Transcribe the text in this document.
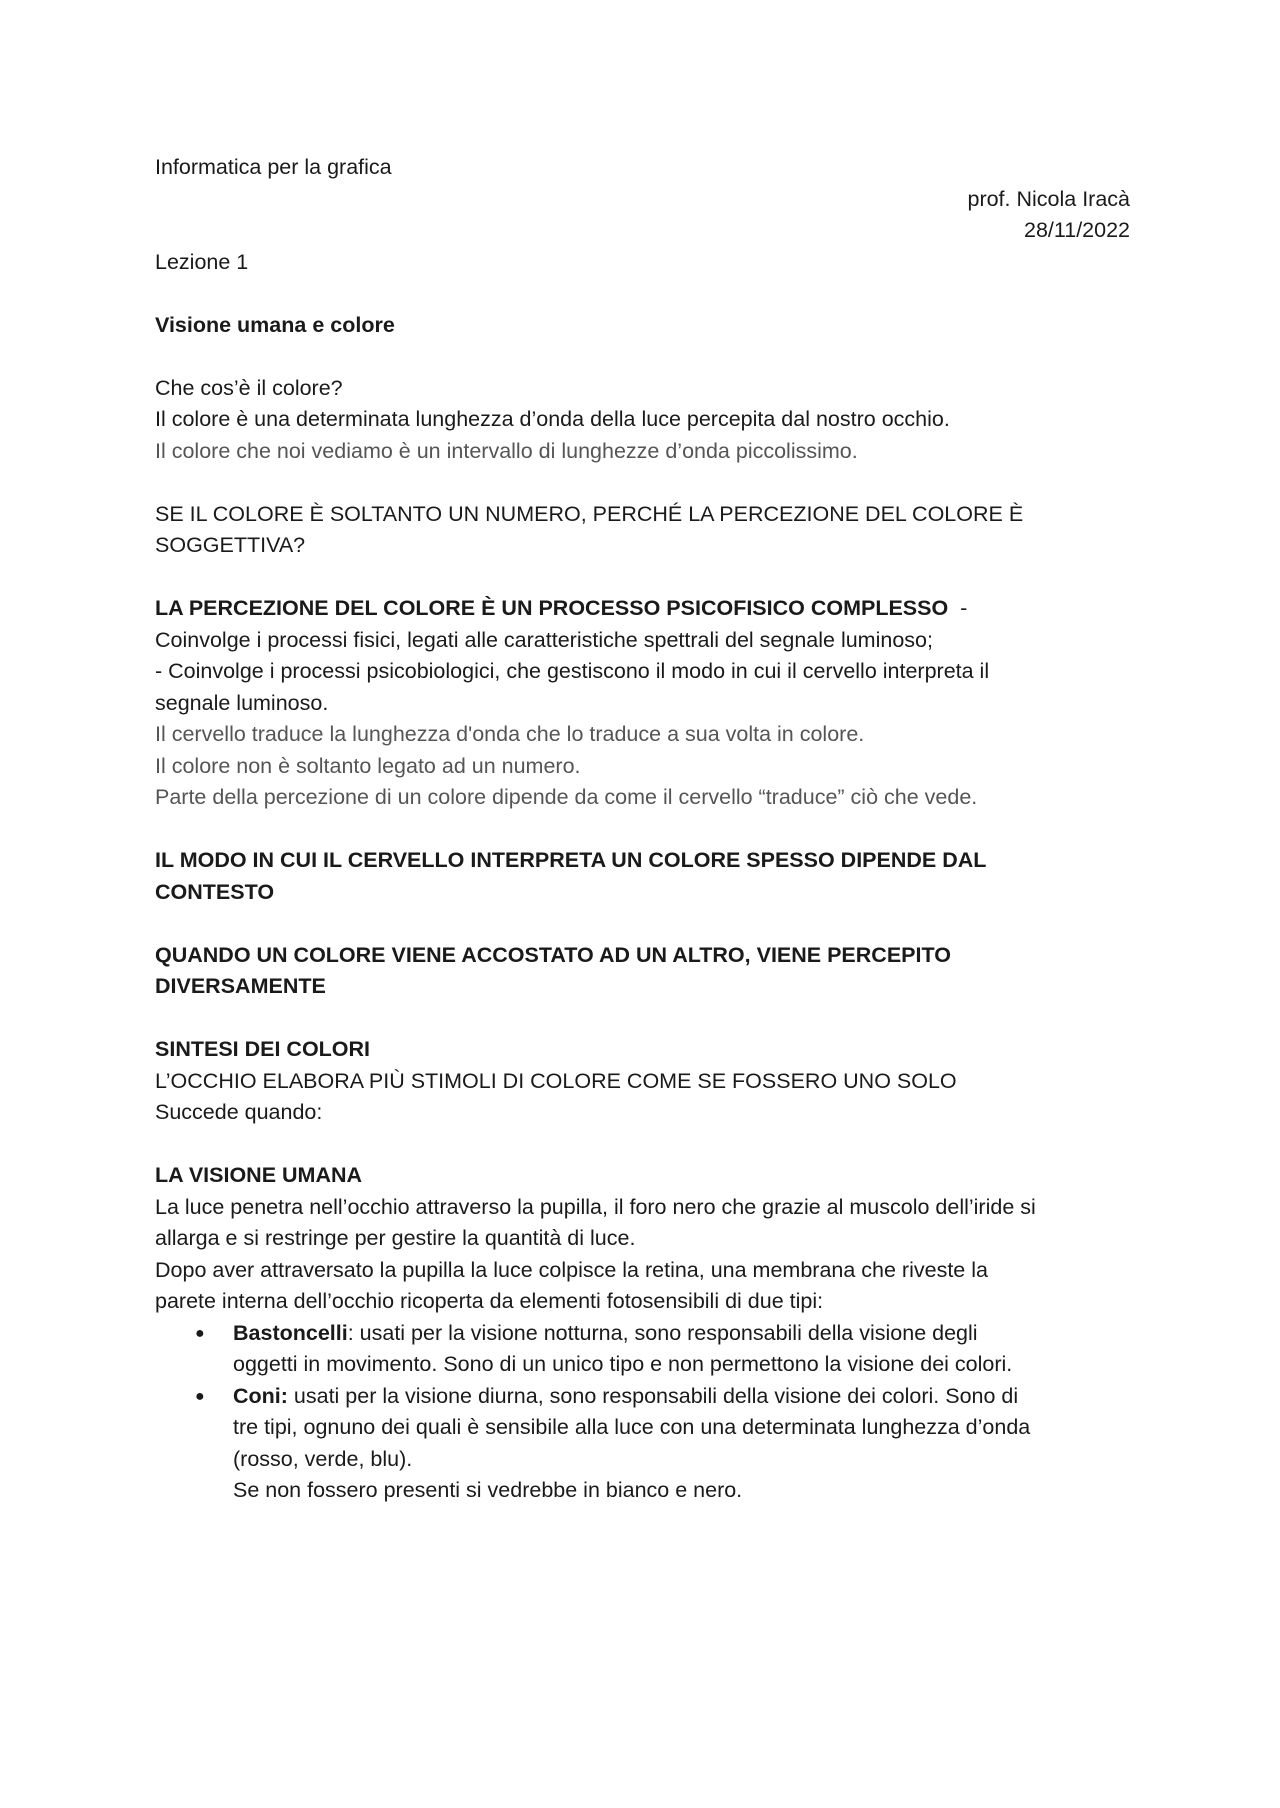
Informatica per la grafica
prof. Nicola Iracà
28/11/2022
Lezione 1
Visione umana e colore
Che cos’è il colore?
Il colore è una determinata lunghezza d’onda della luce percepita dal nostro occhio.
Il colore che noi vediamo è un intervallo di lunghezze d’onda piccolissimo.
SE IL COLORE È SOLTANTO UN NUMERO, PERCHÉ LA PERCEZIONE DEL COLORE È
SOGGETTIVA?
LA PERCEZIONE DEL COLORE È UN PROCESSO PSICOFISICO COMPLESSO  -
Coinvolge i processi fisici, legati alle caratteristiche spettrali del segnale luminoso;
- Coinvolge i processi psicobiologici, che gestiscono il modo in cui il cervello interpreta il
segnale luminoso.
Il cervello traduce la lunghezza d'onda che lo traduce a sua volta in colore.
Il colore non è soltanto legato ad un numero.
Parte della percezione di un colore dipende da come il cervello “traduce” ciò che vede.
IL MODO IN CUI IL CERVELLO INTERPRETA UN COLORE SPESSO DIPENDE DAL
CONTESTO
QUANDO UN COLORE VIENE ACCOSTATO AD UN ALTRO, VIENE PERCEPITO
DIVERSAMENTE
SINTESI DEI COLORI
L’OCCHIO ELABORA PIÙ STIMOLI DI COLORE COME SE FOSSERO UNO SOLO
Succede quando:
LA VISIONE UMANA
La luce penetra nell’occhio attraverso la pupilla, il foro nero che grazie al muscolo dell’iride si
allarga e si restringe per gestire la quantità di luce.
Dopo aver attraversato la pupilla la luce colpisce la retina, una membrana che riveste la
parete interna dell’occhio ricoperta da elementi fotosensibili di due tipi:
● Bastoncelli: usati per la visione notturna, sono responsabili della visione degli
oggetti in movimento. Sono di un unico tipo e non permettono la visione dei colori.
● Coni: usati per la visione diurna, sono responsabili della visione dei colori. Sono di
tre tipi, ognuno dei quali è sensibile alla luce con una determinata lunghezza d’onda
(rosso, verde, blu).
Se non fossero presenti si vedrebbe in bianco e nero.
